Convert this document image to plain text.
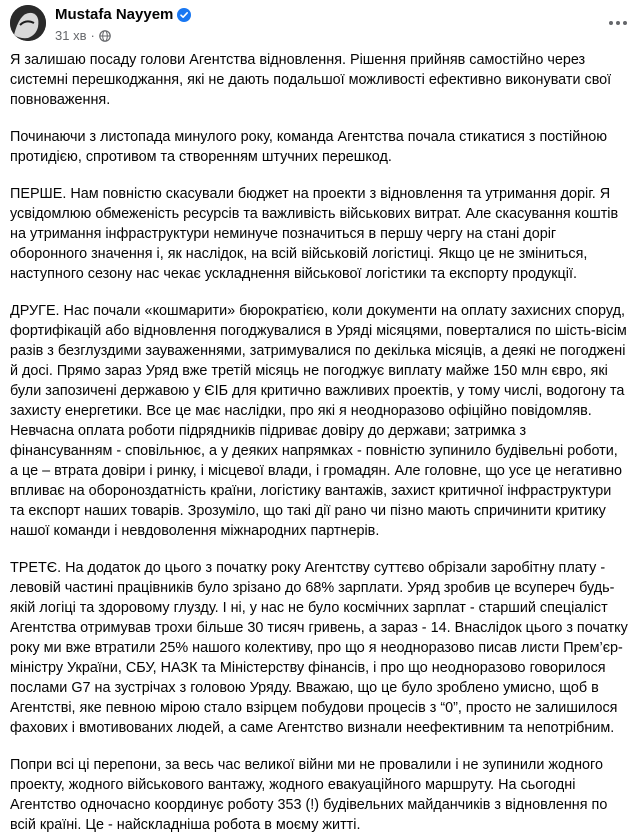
Mustafa Nayyem
31 хв ·

Я залишаю посаду голови Агентства відновлення. Рішення прийняв самостійно через системні перешкоджання, які не дають подальшої можливості ефективно виконувати свої повноваження.

Починаючи з листопада минулого року, команда Агентства почала стикатися з постійною протидією, спротивом та створенням штучних перешкод.

ПЕРШЕ. Нам повністю скасували бюджет на проекти з відновлення та утримання доріг. Я усвідомлюю обмеженість ресурсів та важливість військових витрат. Але скасування коштів на утримання інфраструктури неминуче позначиться в першу чергу на стані доріг оборонного значення і, як наслідок, на всій військовій логістиці. Якщо це не зміниться, наступного сезону нас чекає ускладнення військової логістики та експорту продукції.

ДРУГЕ. Нас почали «кошмарити» бюрократією, коли документи на оплату захисних споруд, фортифікацій або відновлення погоджувалися в Уряді місяцями, поверталися по шість-вісім разів з безглуздими зауваженнями, затримувалися по декілька місяців, а деякі не погоджені й досі. Прямо зараз Уряд вже третій місяць не погоджує виплату майже 150 млн євро, які були запозичені державою у ЄІБ для критично важливих проектів, у тому числі, водогону та захисту енергетики. Все це має наслідки, про які я неодноразово офіційно повідомляв. Невчасна оплата роботи підрядників підриває довіру до держави; затримка з фінансуванням - сповільнює, а у деяких напрямках - повністю зупинило будівельні роботи, а це – втрата довіри і ринку, і місцевої влади, і громадян. Але головне, що усе це негативно впливає на обороноздатність країни, логістику вантажів, захист критичної інфраструктури та експорт наших товарів. Зрозуміло, що такі дії рано чи пізно мають спричинити критику нашої команди і невдоволення міжнародних партнерів.

ТРЕТЄ. На додаток до цього з початку року Агентству суттєво обрізали заробітну плату - левовій частині працівників було зрізано до 68% зарплати. Уряд зробив це всупереч будь-якій логіці та здоровому глузду. І ні, у нас не було космічних зарплат - старший спеціаліст Агентства отримував трохи більше 30 тисяч гривень, а зараз - 14. Внаслідок цього з початку року ми вже втратили 25% нашого колективу, про що я неодноразово писав листи Прем’єр-міністру України, СБУ, НАЗК та Міністерству фінансів, і про що неодноразово говорилося послами G7 на зустрічах з головою Уряду. Вважаю, що це було зроблено умисно, щоб в Агентстві, яке певною мірою стало взірцем побудови процесів з “0”, просто не залишилося фахових і вмотивованих людей, а саме Агентство визнали неефективним та непотрібним.

Попри всі ці перепони, за весь час великої війни ми не провалили і не зупинили жодного проекту, жодного військового вантажу, жодного евакуаційного маршруту. На сьогодні Агентство одночасно координує роботу 353 (!) будівельних майданчиків з відновлення по всій країні. Це - найскладніша робота в моєму житті.
